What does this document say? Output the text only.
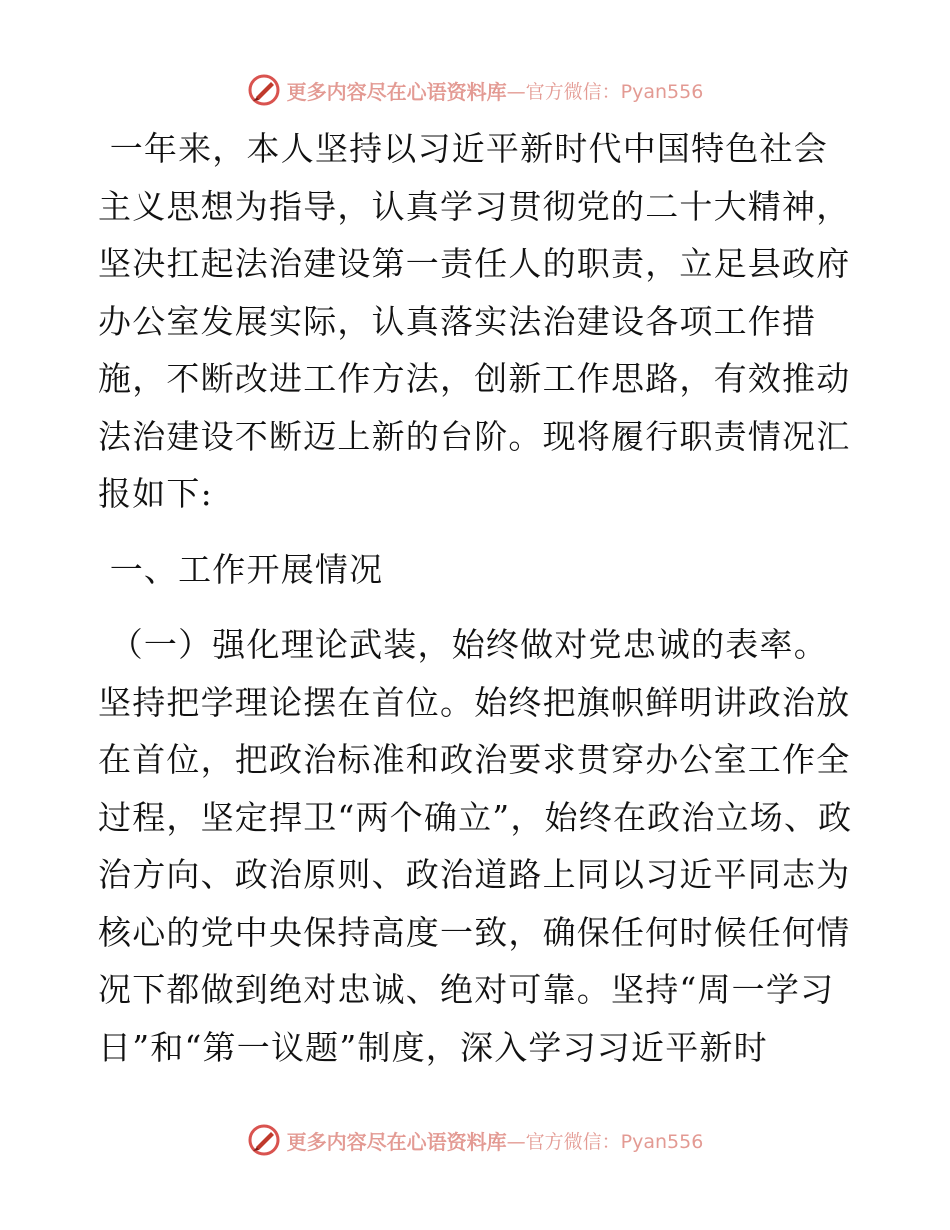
更多内容尽在心语资料库 —官方微信：Pyan556

一年来，本人坚持以习近平新时代中国特色社会主义思想为指导，认真学习贯彻党的二十大精神，坚决扛起法治建设第一责任人的职责，立足县政府办公室发展实际，认真落实法治建设各项工作措施，不断改进工作方法，创新工作思路，有效推动法治建设不断迈上新的台阶。现将履行职责情况汇报如下:

一、工作开展情况

（一）强化理论武装，始终做对党忠诚的表率。坚持把学理论摆在首位。始终把旗帜鲜明讲政治放在首位，把政治标准和政治要求贯穿办公室工作全过程，坚定捍卫“两个确立”，始终在政治立场、政治方向、政治原则、政治道路上同以习近平同志为核心的党中央保持高度一致，确保任何时候任何情况下都做到绝对忠诚、绝对可靠。坚持“周一学习日”和“第一议题”制度，深入学习习近平新时

更多内容尽在心语资料库 —官方微信：Pyan556
